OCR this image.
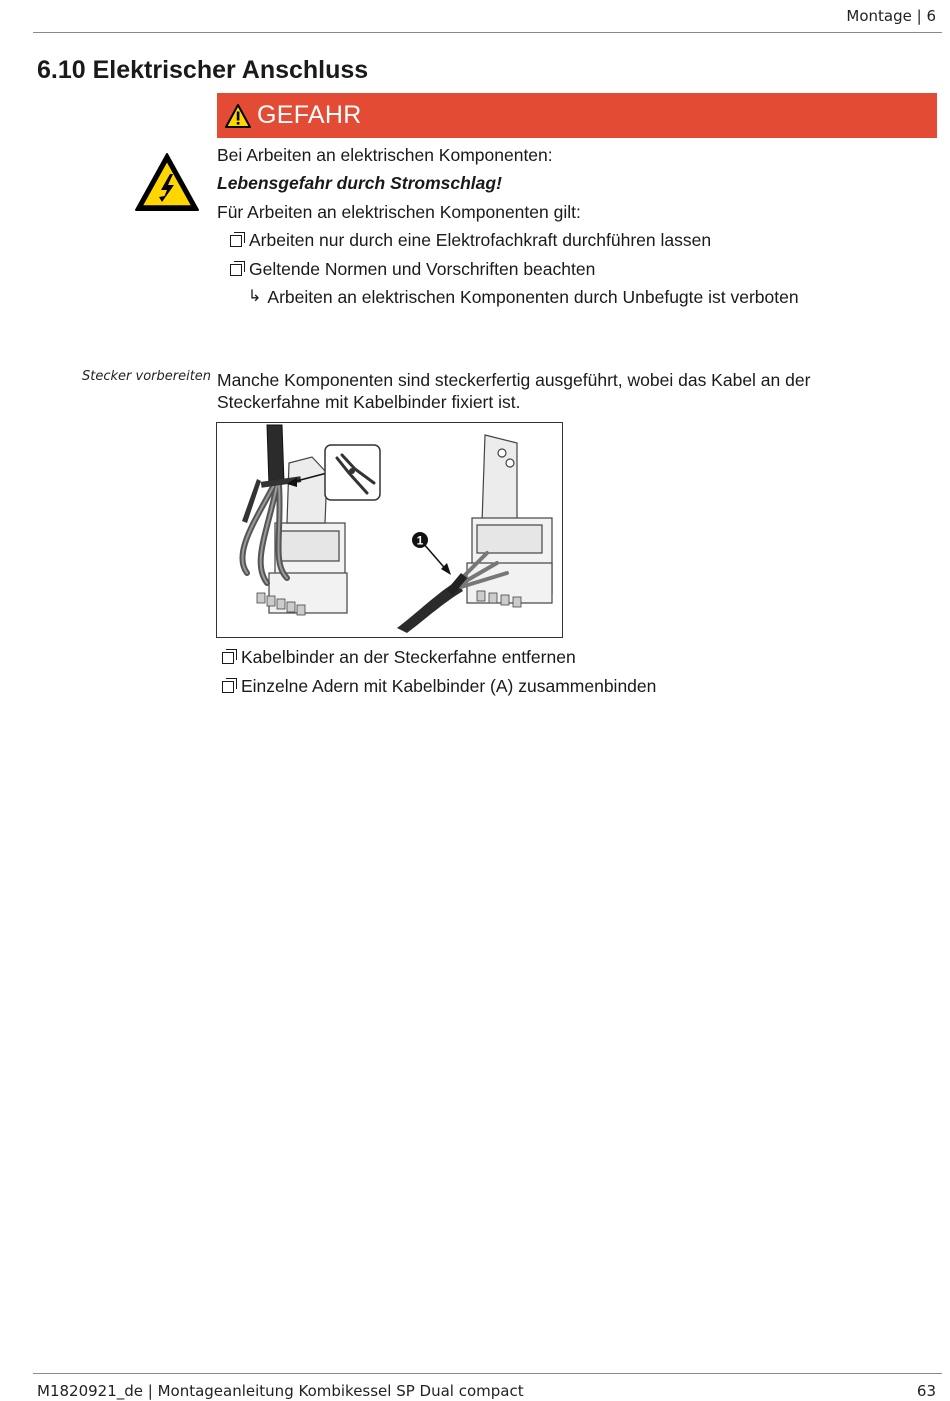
Montage | 6
6.10 Elektrischer Anschluss
GEFAHR
Bei Arbeiten an elektrischen Komponenten:
Lebensgefahr durch Stromschlag!
Für Arbeiten an elektrischen Komponenten gilt:
Arbeiten nur durch eine Elektrofachkraft durchführen lassen
Geltende Normen und Vorschriften beachten
↳ Arbeiten an elektrischen Komponenten durch Unbefugte ist verboten
Stecker vorbereiten Manche Komponenten sind steckerfertig ausgeführt, wobei das Kabel an der Steckerfahne mit Kabelbinder fixiert ist.
1
Kabelbinder an der Steckerfahne entfernen
Einzelne Adern mit Kabelbinder (A) zusammenbinden
M1820921_de | Montageanleitung Kombikessel SP Dual compact	63
